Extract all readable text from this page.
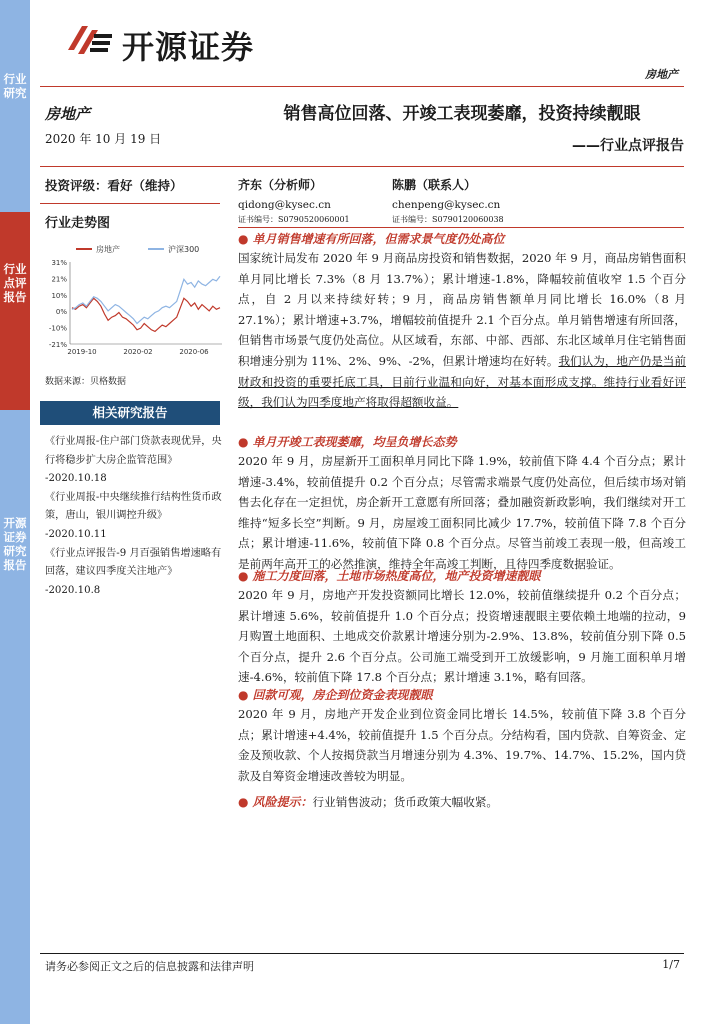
行业研究
行业点评报告
开源证券研究报告
开源证券
房地产
房地产
2020 年 10 月 19 日
投资评级：看好（维持）
行业走势图
房地产	沪深300
31%
21%
10%
0%
-10%
-21%
2019-10	2020-02	2020-06
数据来源：贝格数据
相关研究报告

《行业周报-住户部门贷款表现优异，央行将稳步扩大房企监管范围》

-2020.10.18

《行业周报-中央继续推行结构性货币政策，唐山，银川调控升级》

-2020.10.11

《行业点评报告-9 月百强销售增速略有回落，建议四季度关注地产》

-2020.10.8

销售高位回落、开竣工表现萎靡，投资持续靓眼
——行业点评报告
齐东（分析师）
qidong@kysec.cn
证书编号：S0790520060001
陈鹏（联系人）
chenpeng@kysec.cn
证书编号：S0790120060038
● 单月销售增速有所回落，但需求景气度仍处高位

国家统计局发布 2020 年 9 月商品房投资和销售数据，2020 年 9 月，商品房销售面积单月同比增长 7.3%（8 月 13.7%）；累计增速-1.8%，降幅较前值收窄 1.5 个百分点，自 2 月以来持续好转；9 月，商品房销售额单月同比增长 16.0%（8 月 27.1%）；累计增速+3.7%，增幅较前值提升 2.1 个百分点。单月销售增速有所回落，但销售市场景气度仍处高位。从区域看，东部、中部、西部、东北区域单月住宅销售面积增速分别为 11%、2%、9%、-2%，但累计增速均在好转。我们认为，地产仍是当前财政和投资的重要托底工具，目前行业温和向好，对基本面形成支撑。维持行业看好评级，我们认为四季度地产将取得超额收益。

● 单月开竣工表现萎靡，均呈负增长态势

2020 年 9 月，房屋新开工面积单月同比下降 1.9%，较前值下降 4.4 个百分点；累计增速-3.4%，较前值提升 0.2 个百分点；尽管需求端景气度仍处高位，但后续市场对销售去化存在一定担忧，房企新开工意愿有所回落；叠加融资新政影响，我们继续对开工维持“短多长空”判断。9 月，房屋竣工面积同比减少 17.7%，较前值下降 7.8 个百分点；累计增速-11.6%，较前值下降 0.8 个百分点。尽管当前竣工表现一般，但高竣工是前两年高开工的必然推演，维持全年高竣工判断，且待四季度数据验证。

● 施工力度回落，土地市场热度高位，地产投资增速靓眼

2020 年 9 月，房地产开发投资额同比增长 12.0%，较前值继续提升 0.2 个百分点；累计增速 5.6%，较前值提升 1.0 个百分点；投资增速靓眼主要依赖土地端的拉动，9 月购置土地面积、土地成交价款累计增速分别为-2.9%、13.8%，较前值分别下降 0.5 个百分点，提升 2.6 个百分点。公司施工端受到开工放缓影响，9 月施工面积单月增速-4.6%，较前值下降 17.8 个百分点；累计增速 3.1%，略有回落。

● 回款可观，房企到位资金表现靓眼

2020 年 9 月，房地产开发企业到位资金同比增长 14.5%，较前值下降 3.8 个百分点；累计增速+4.4%，较前值提升 1.5 个百分点。分结构看，国内贷款、自筹资金、定金及预收款、个人按揭贷款当月增速分别为 4.3%、19.7%、14.7%、15.2%，国内贷款及自筹资金增速改善较为明显。

● 风险提示：行业销售波动；货币政策大幅收紧。
请务必参阅正文之后的信息披露和法律声明	1/7
